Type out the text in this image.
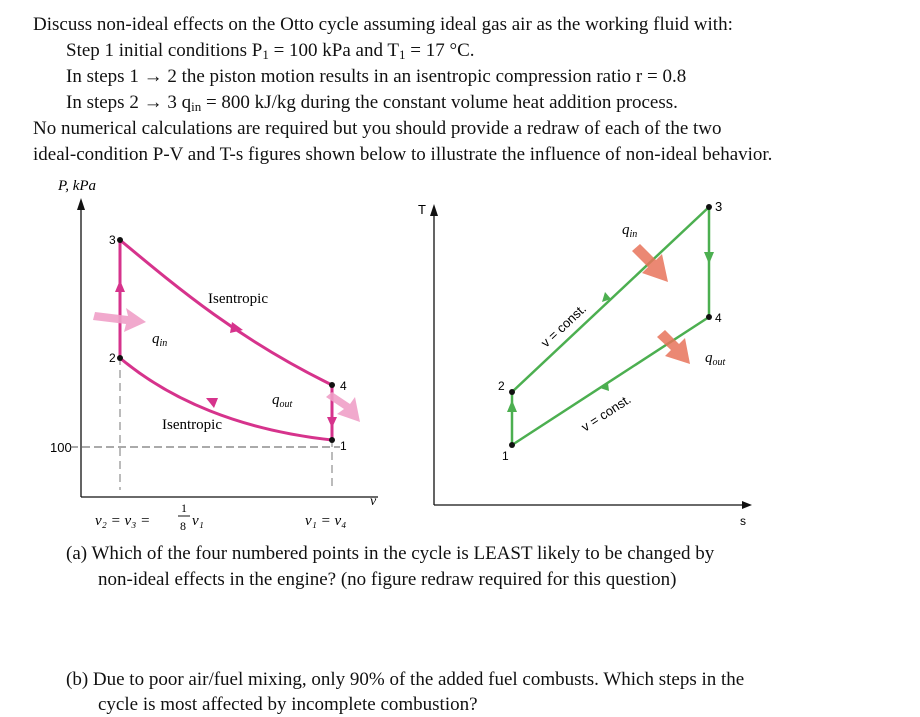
Discuss non-ideal effects on the Otto cycle assuming ideal gas air as the working fluid with:
Step 1 initial conditions $P_1 = 100$ kPa and $T_1 = 17$ °C.
In steps 1 → 2 the piston motion results in an isentropic compression ratio r = 0.8
In steps 2 → 3 $q_{in} = 800$ kJ/kg during the constant volume heat addition process.
No numerical calculations are required but you should provide a redraw of each of the two
ideal-condition P-V and T-s figures shown below to illustrate the influence of non-ideal behavior.
P, kPa
v
100
3
2
4
1
Isentropic
Isentropic
$q_{in}$
$q_{out}$
v₂ = v₃ =
1
8 v₁	v₁ = v₄
T
s
1
2
3
4
v = const.
v = const.
$q_{in}$
$q_{out}$
(a) Which of the four numbered points in the cycle is LEAST likely to be changed by
non-ideal effects in the engine? (no figure redraw required for this question)
(b) Due to poor air/fuel mixing, only 90% of the added fuel combusts. Which steps in the
cycle is most affected by incomplete combustion?
